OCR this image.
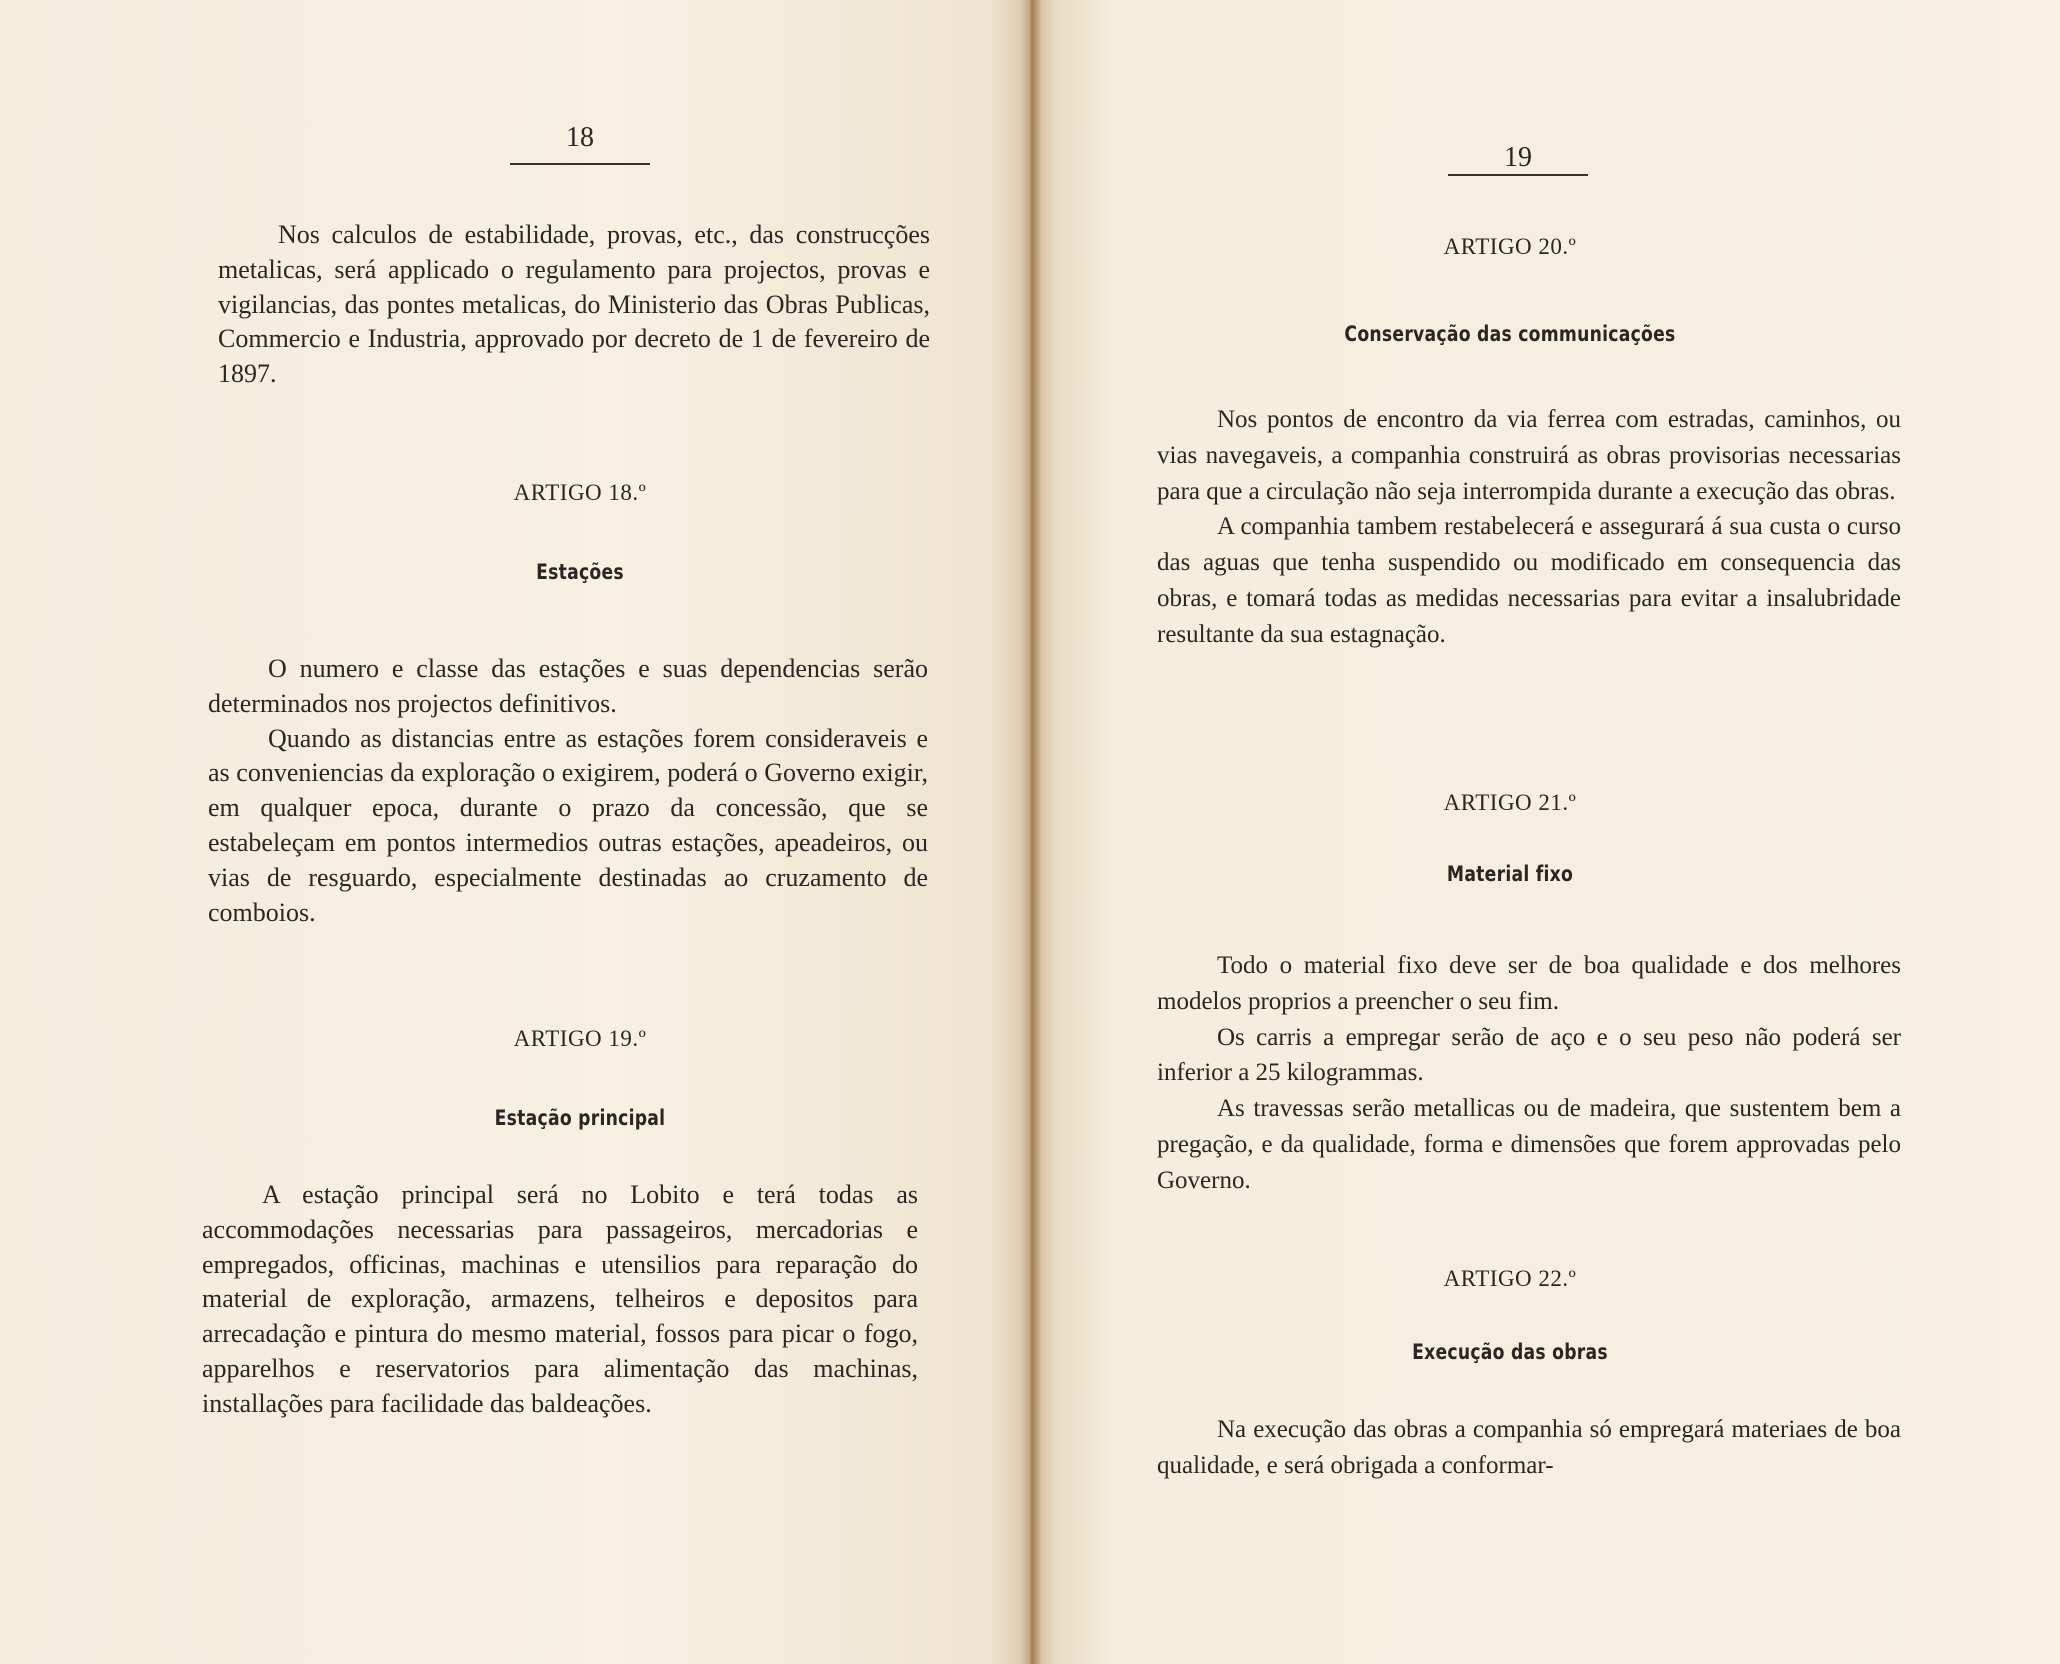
18

Nos calculos de estabilidade, provas, etc., das construcções metalicas, será applicado o regulamento para projectos, provas e vigilancias, das pontes metalicas, do Ministerio das Obras Publicas, Commercio e Industria, approvado por decreto de 1 de fevereiro de 1897.

ARTIGO 18.º
Estações

O numero e classe das estações e suas dependencias serão determinados nos projectos definitivos.

Quando as distancias entre as estações forem consideraveis e as conveniencias da exploração o exigirem, poderá o Governo exigir, em qualquer epoca, durante o prazo da concessão, que se estabeleçam em pontos intermedios outras estações, apeadeiros, ou vias de resguardo, especialmente destinadas ao cruzamento de comboios.

ARTIGO 19.º
Estação principal

A estação principal será no Lobito e terá todas as accommodações necessarias para passageiros, mercadorias e empregados, officinas, machinas e utensilios para reparação do material de exploração, armazens, telheiros e depositos para arrecadação e pintura do mesmo material, fossos para picar o fogo, apparelhos e reservatorios para alimentação das machinas, installações para facilidade das baldeações.

19
ARTIGO 20.º
Conservação das communicações

Nos pontos de encontro da via ferrea com estradas, caminhos, ou vias navegaveis, a companhia construirá as obras provisorias necessarias para que a circulação não seja interrompida durante a execução das obras.

A companhia tambem restabelecerá e assegurará á sua custa o curso das aguas que tenha suspendido ou modificado em consequencia das obras, e tomará todas as medidas necessarias para evitar a insalubridade resultante da sua estagnação.

ARTIGO 21.º
Material fixo

Todo o material fixo deve ser de boa qualidade e dos melhores modelos proprios a preencher o seu fim.

Os carris a empregar serão de aço e o seu peso não poderá ser inferior a 25 kilogrammas.

As travessas serão metallicas ou de madeira, que sustentem bem a pregação, e da qualidade, forma e dimensões que forem approvadas pelo Governo.

ARTIGO 22.º
Execução das obras

Na execução das obras a companhia só empregará materiaes de boa qualidade, e será obrigada a conformar-
